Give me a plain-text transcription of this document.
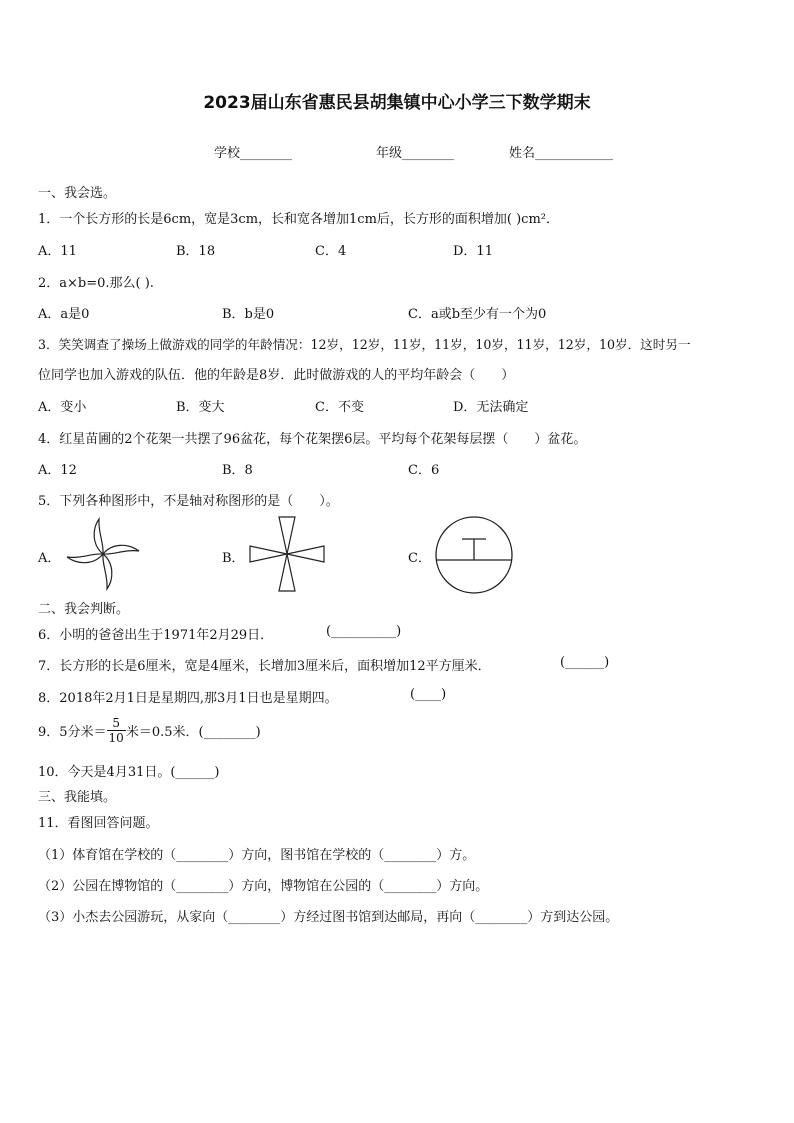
2023届山东省惠民县胡集镇中心小学三下数学期末
学校________	年级________	姓名____________
一、我会选。
1．一个长方形的长是6cm，宽是3cm，长和宽各增加1cm后，长方形的面积增加( )cm²．
A．11	B．18	C．4	D．11
2．a×b=0.那么( ).
A．a是0	B．b是0	C．a或b至少有一个为0
3．笑笑调查了操场上做游戏的同学的年龄情况：12岁，12岁，11岁，11岁，10岁，11岁，12岁，10岁．这时另一
位同学也加入游戏的队伍．他的年龄是8岁．此时做游戏的人的平均年龄会（　　）
A．变小	B．变大	C．不变	D．无法确定
4．红星苗圃的2个花架一共摆了96盆花，每个花架摆6层。平均每个花架每层摆（　　）盆花。
A．12	B．8	C．6
5．下列各种图形中，不是轴对称图形的是（　　）。
A．	B．	C．
二、我会判断。
6．小明的爸爸出生于1971年2月29日．	(__________)
7．长方形的长是6厘米，宽是4厘米，长增加3厘米后，面积增加12平方厘米．	(______)
8．2018年2月1日是星期四,那3月1日也是星期四。	(____)
9．5分米＝ $\frac{5}{10}$ 米＝0.5米．(________)
10．今天是4月31日。(______)
三、我能填。
11．看图回答问题。
（1）体育馆在学校的（________）方向，图书馆在学校的（________）方。
（2）公园在博物馆的（________）方向，博物馆在公园的（________）方向。
（3）小杰去公园游玩，从家向（________）方经过图书馆到达邮局，再向（________）方到达公园。
